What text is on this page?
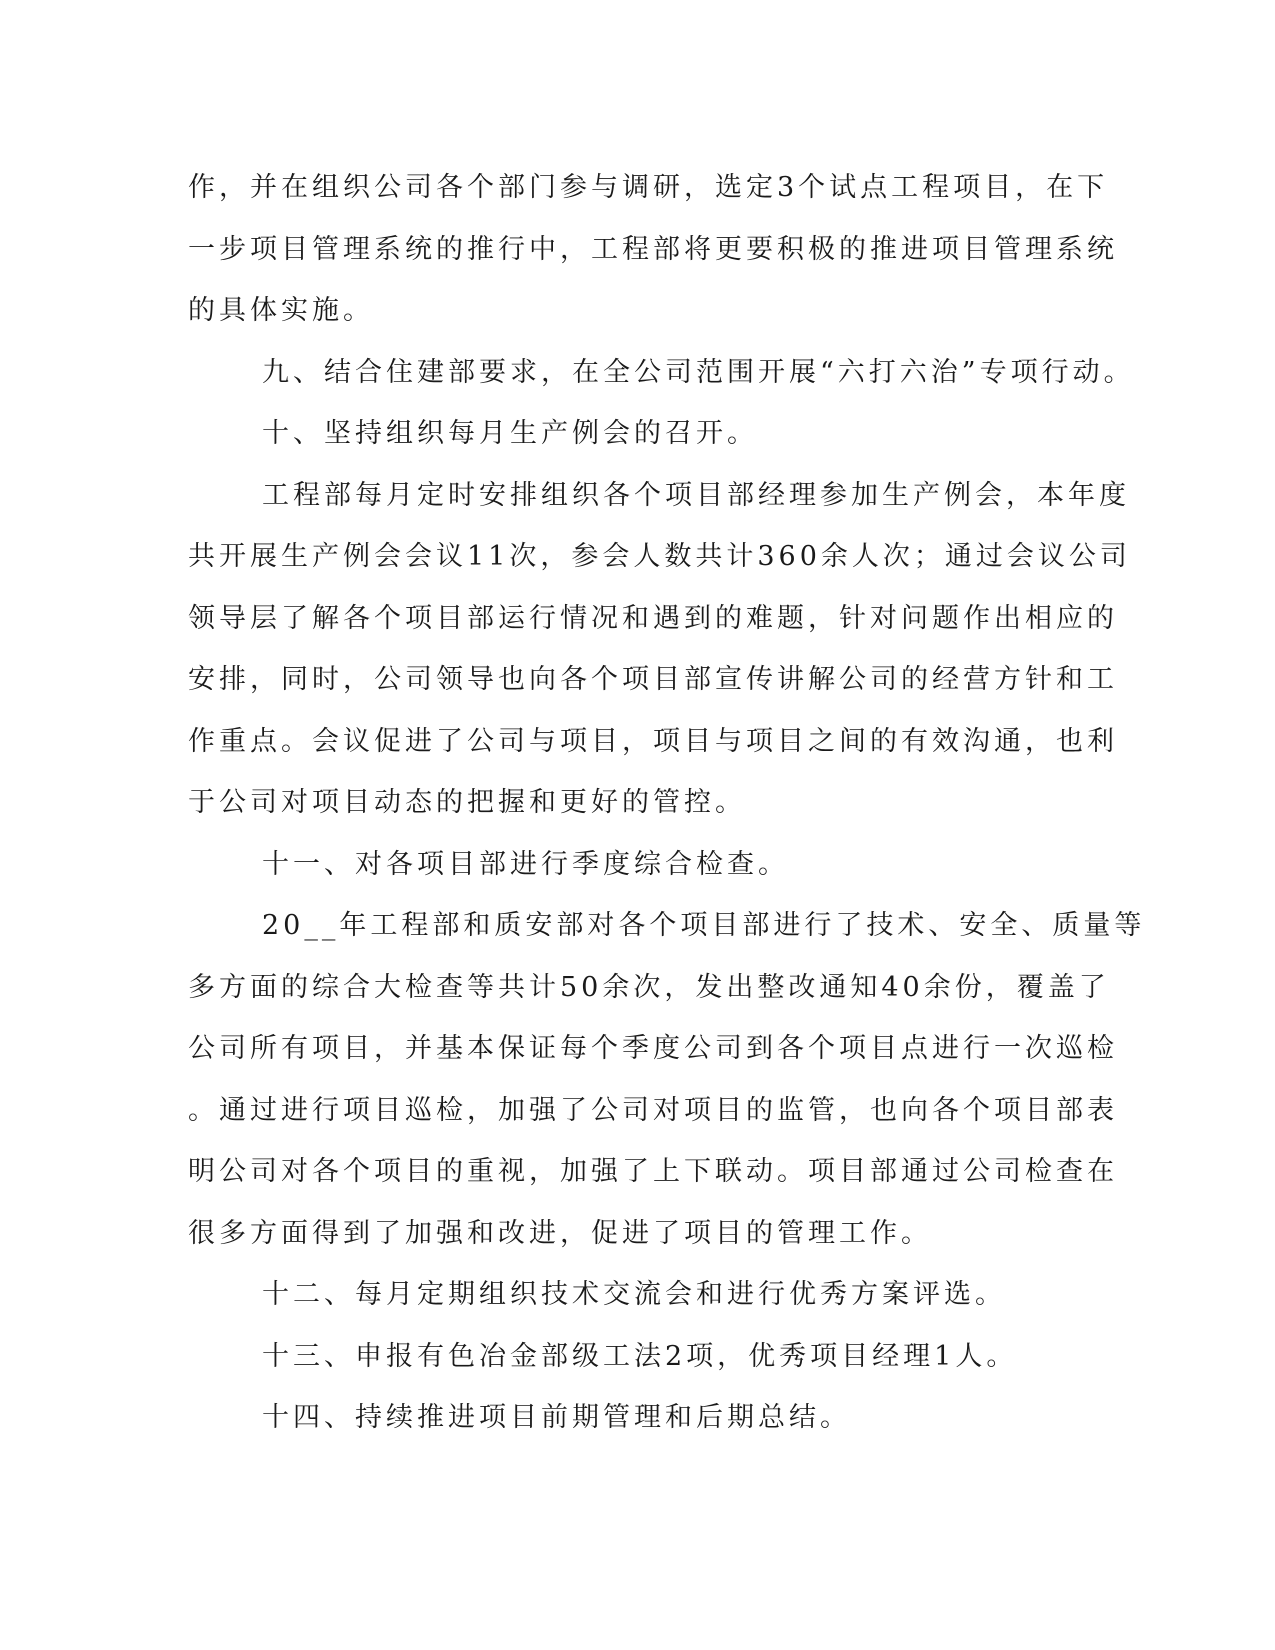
作，并在组织公司各个部门参与调研，选定3个试点工程项目，在下
一步项目管理系统的推行中，工程部将更要积极的推进项目管理系统
的具体实施。
九、结合住建部要求，在全公司范围开展“六打六治”专项行动。
十、坚持组织每月生产例会的召开。
工程部每月定时安排组织各个项目部经理参加生产例会，本年度
共开展生产例会会议11次，参会人数共计360余人次；通过会议公司
领导层了解各个项目部运行情况和遇到的难题，针对问题作出相应的
安排，同时，公司领导也向各个项目部宣传讲解公司的经营方针和工
作重点。会议促进了公司与项目，项目与项目之间的有效沟通，也利
于公司对项目动态的把握和更好的管控。
十一、对各项目部进行季度综合检查。
20__年工程部和质安部对各个项目部进行了技术、安全、质量等
多方面的综合大检查等共计50余次，发出整改通知40余份，覆盖了
公司所有项目，并基本保证每个季度公司到各个项目点进行一次巡检
。通过进行项目巡检，加强了公司对项目的监管，也向各个项目部表
明公司对各个项目的重视，加强了上下联动。项目部通过公司检查在
很多方面得到了加强和改进，促进了项目的管理工作。
十二、每月定期组织技术交流会和进行优秀方案评选。
十三、申报有色冶金部级工法2项，优秀项目经理1人。
十四、持续推进项目前期管理和后期总结。
